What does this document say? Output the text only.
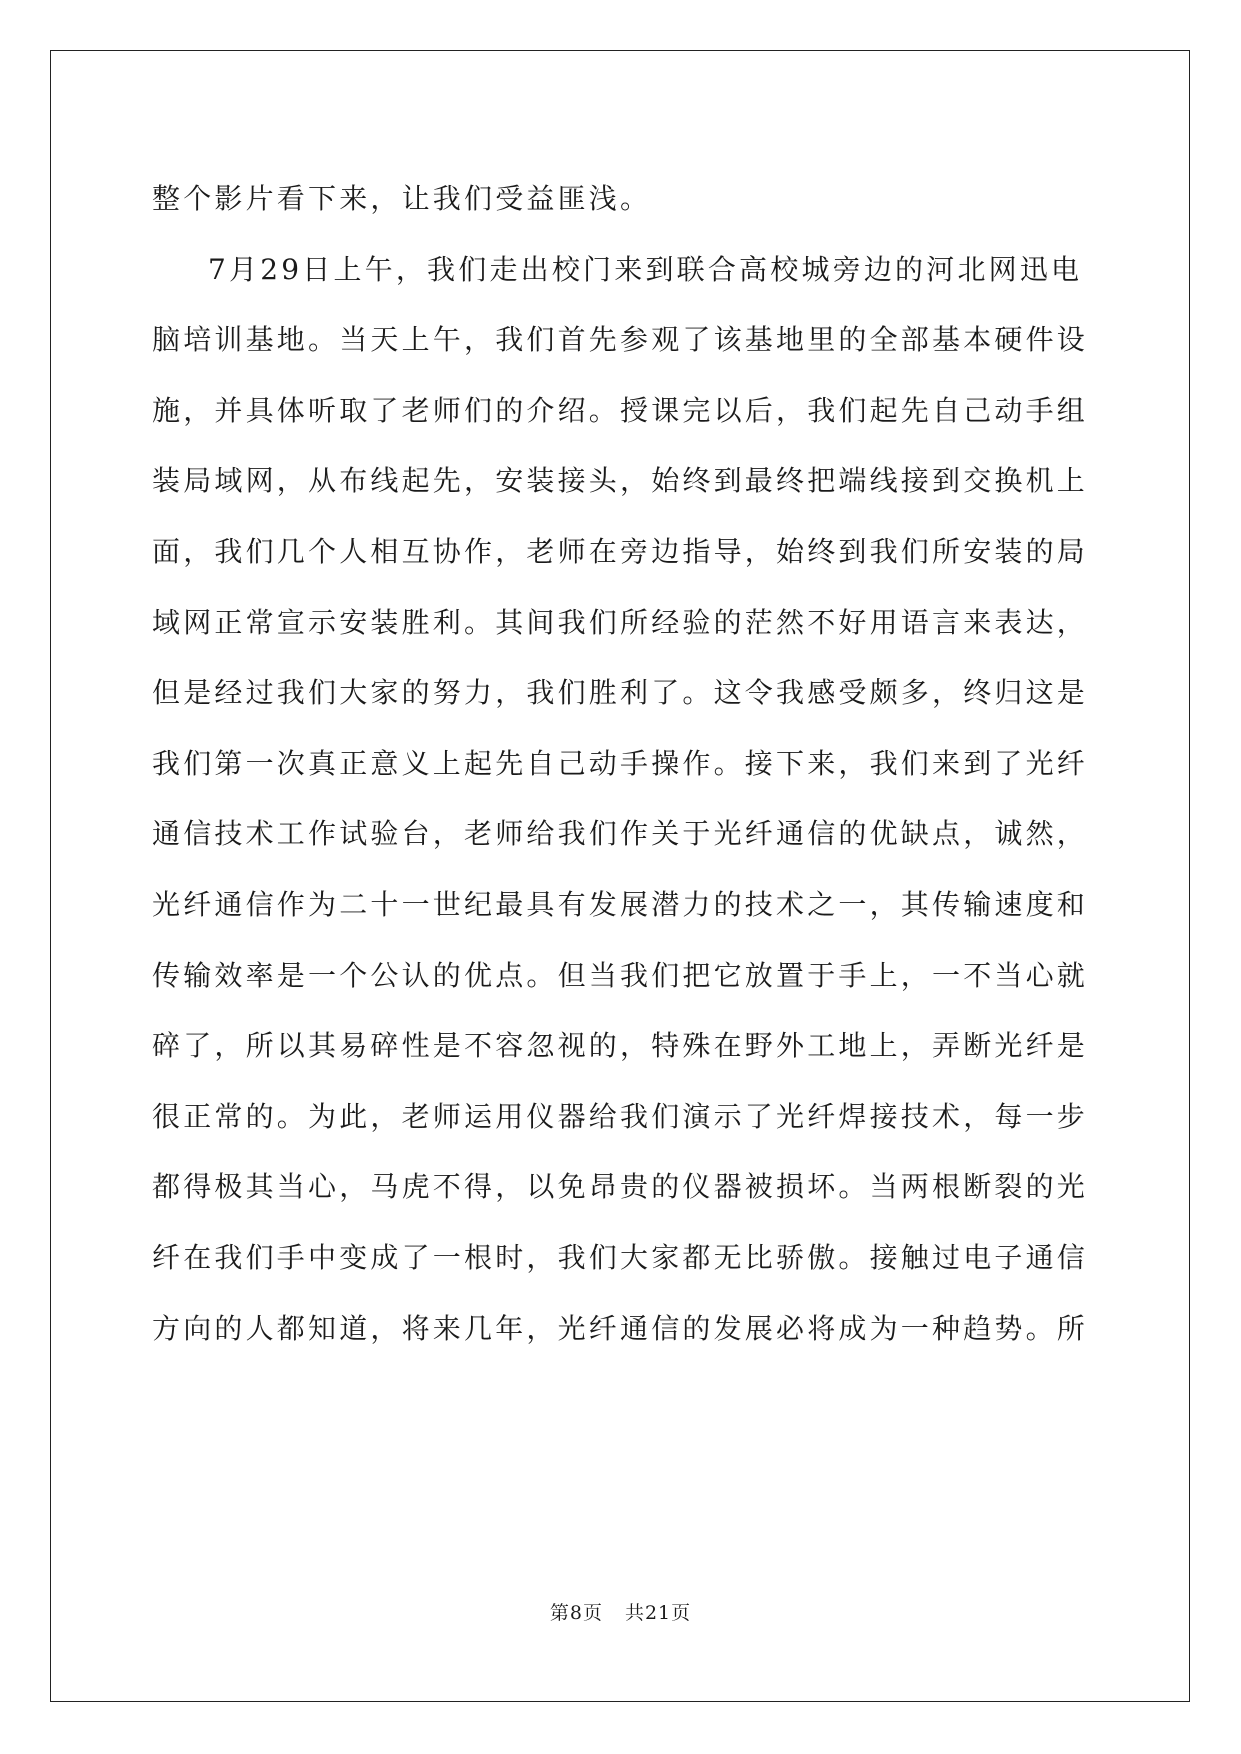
整个影片看下来，让我们受益匪浅。

7月29日上午，我们走出校门来到联合高校城旁边的河北网迅电
脑培训基地。当天上午，我们首先参观了该基地里的全部基本硬件设
施，并具体听取了老师们的介绍。授课完以后，我们起先自己动手组
装局域网，从布线起先，安装接头，始终到最终把端线接到交换机上
面，我们几个人相互协作，老师在旁边指导，始终到我们所安装的局
域网正常宣示安装胜利。其间我们所经验的茫然不好用语言来表达，
但是经过我们大家的努力，我们胜利了。这令我感受颇多，终归这是
我们第一次真正意义上起先自己动手操作。接下来，我们来到了光纤
通信技术工作试验台，老师给我们作关于光纤通信的优缺点，诚然，
光纤通信作为二十一世纪最具有发展潜力的技术之一，其传输速度和
传输效率是一个公认的优点。但当我们把它放置于手上，一不当心就
碎了，所以其易碎性是不容忽视的，特殊在野外工地上，弄断光纤是
很正常的。为此，老师运用仪器给我们演示了光纤焊接技术，每一步
都得极其当心，马虎不得，以免昂贵的仪器被损坏。当两根断裂的光
纤在我们手中变成了一根时，我们大家都无比骄傲。接触过电子通信
方向的人都知道，将来几年，光纤通信的发展必将成为一种趋势。所

第8页 共21页
